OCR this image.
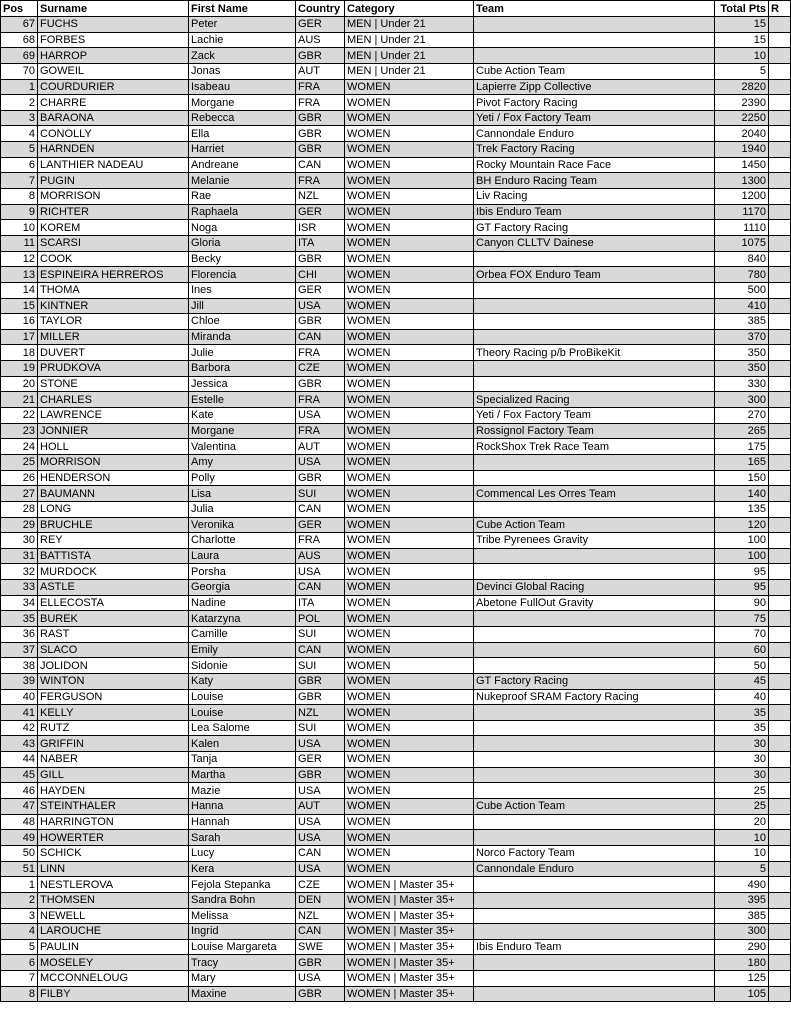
Pos	Surname	First Name	Country	Category	Team	Total Pts	R
67	FUCHS	Peter	GER	MEN | Under 21		15	
68	FORBES	Lachie	AUS	MEN | Under 21		15	
69	HARROP	Zack	GBR	MEN | Under 21		10	
70	GOWEIL	Jonas	AUT	MEN | Under 21	Cube Action Team	5	
1	COURDURIER	Isabeau	FRA	WOMEN	Lapierre Zipp Collective	2820	
2	CHARRE	Morgane	FRA	WOMEN	Pivot Factory Racing	2390	
3	BARAONA	Rebecca	GBR	WOMEN	Yeti / Fox Factory Team	2250	
4	CONOLLY	Ella	GBR	WOMEN	Cannondale Enduro	2040	
5	HARNDEN	Harriet	GBR	WOMEN	Trek Factory Racing	1940	
6	LANTHIER NADEAU	Andreane	CAN	WOMEN	Rocky Mountain Race Face	1450	
7	PUGIN	Melanie	FRA	WOMEN	BH Enduro Racing Team	1300	
8	MORRISON	Rae	NZL	WOMEN	Liv Racing	1200	
9	RICHTER	Raphaela	GER	WOMEN	Ibis Enduro Team	1170	
10	KOREM	Noga	ISR	WOMEN	GT Factory Racing	1110	
11	SCARSI	Gloria	ITA	WOMEN	Canyon CLLTV Dainese	1075	
12	COOK	Becky	GBR	WOMEN		840	
13	ESPINEIRA HERREROS	Florencia	CHI	WOMEN	Orbea FOX Enduro Team	780	
14	THOMA	Ines	GER	WOMEN		500	
15	KINTNER	Jill	USA	WOMEN		410	
16	TAYLOR	Chloe	GBR	WOMEN		385	
17	MILLER	Miranda	CAN	WOMEN		370	
18	DUVERT	Julie	FRA	WOMEN	Theory Racing p/b ProBikeKit	350	
19	PRUDKOVA	Barbora	CZE	WOMEN		350	
20	STONE	Jessica	GBR	WOMEN		330	
21	CHARLES	Estelle	FRA	WOMEN	Specialized Racing	300	
22	LAWRENCE	Kate	USA	WOMEN	Yeti / Fox Factory Team	270	
23	JONNIER	Morgane	FRA	WOMEN	Rossignol Factory Team	265	
24	HOLL	Valentina	AUT	WOMEN	RockShox Trek Race Team	175	
25	MORRISON	Amy	USA	WOMEN		165	
26	HENDERSON	Polly	GBR	WOMEN		150	
27	BAUMANN	Lisa	SUI	WOMEN	Commencal Les Orres Team	140	
28	LONG	Julia	CAN	WOMEN		135	
29	BRUCHLE	Veronika	GER	WOMEN	Cube Action Team	120	
30	REY	Charlotte	FRA	WOMEN	Tribe Pyrenees Gravity	100	
31	BATTISTA	Laura	AUS	WOMEN		100	
32	MURDOCK	Porsha	USA	WOMEN		95	
33	ASTLE	Georgia	CAN	WOMEN	Devinci Global Racing	95	
34	ELLECOSTA	Nadine	ITA	WOMEN	Abetone FullOut Gravity	90	
35	BUREK	Katarzyna	POL	WOMEN		75	
36	RAST	Camille	SUI	WOMEN		70	
37	SLACO	Emily	CAN	WOMEN		60	
38	JOLIDON	Sidonie	SUI	WOMEN		50	
39	WINTON	Katy	GBR	WOMEN	GT Factory Racing	45	
40	FERGUSON	Louise	GBR	WOMEN	Nukeproof SRAM Factory Racing	40	
41	KELLY	Louise	NZL	WOMEN		35	
42	RUTZ	Lea Salome	SUI	WOMEN		35	
43	GRIFFIN	Kalen	USA	WOMEN		30	
44	NABER	Tanja	GER	WOMEN		30	
45	GILL	Martha	GBR	WOMEN		30	
46	HAYDEN	Mazie	USA	WOMEN		25	
47	STEINTHALER	Hanna	AUT	WOMEN	Cube Action Team	25	
48	HARRINGTON	Hannah	USA	WOMEN		20	
49	HOWERTER	Sarah	USA	WOMEN		10	
50	SCHICK	Lucy	CAN	WOMEN	Norco Factory Team	10	
51	LINN	Kera	USA	WOMEN	Cannondale Enduro	5	
1	NESTLEROVA	Fejola Stepanka	CZE	WOMEN | Master 35+		490	
2	THOMSEN	Sandra Bohn	DEN	WOMEN | Master 35+		395	
3	NEWELL	Melissa	NZL	WOMEN | Master 35+		385	
4	LAROUCHE	Ingrid	CAN	WOMEN | Master 35+		300	
5	PAULIN	Louise Margareta	SWE	WOMEN | Master 35+	Ibis Enduro Team	290	
6	MOSELEY	Tracy	GBR	WOMEN | Master 35+		180	
7	MCCONNELOUG	Mary	USA	WOMEN | Master 35+		125	
8	FILBY	Maxine	GBR	WOMEN | Master 35+		105	
